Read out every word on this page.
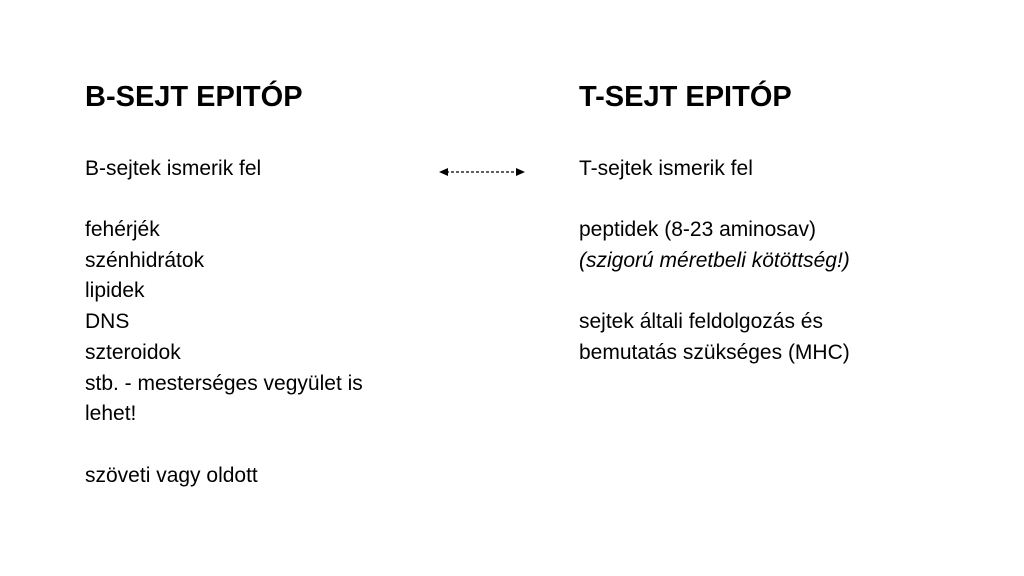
B-SEJT EPITÓP
B-sejtek ismerik fel
fehérjék
szénhidrátok
lipidek
DNS
szteroidok
stb. - mesterséges vegyület is
lehet!
szöveti vagy oldott
T-SEJT EPITÓP
T-sejtek ismerik fel
peptidek (8-23 aminosav)
(szigorú méretbeli kötöttség!)
sejtek általi feldolgozás és
bemutatás szükséges (MHC)
